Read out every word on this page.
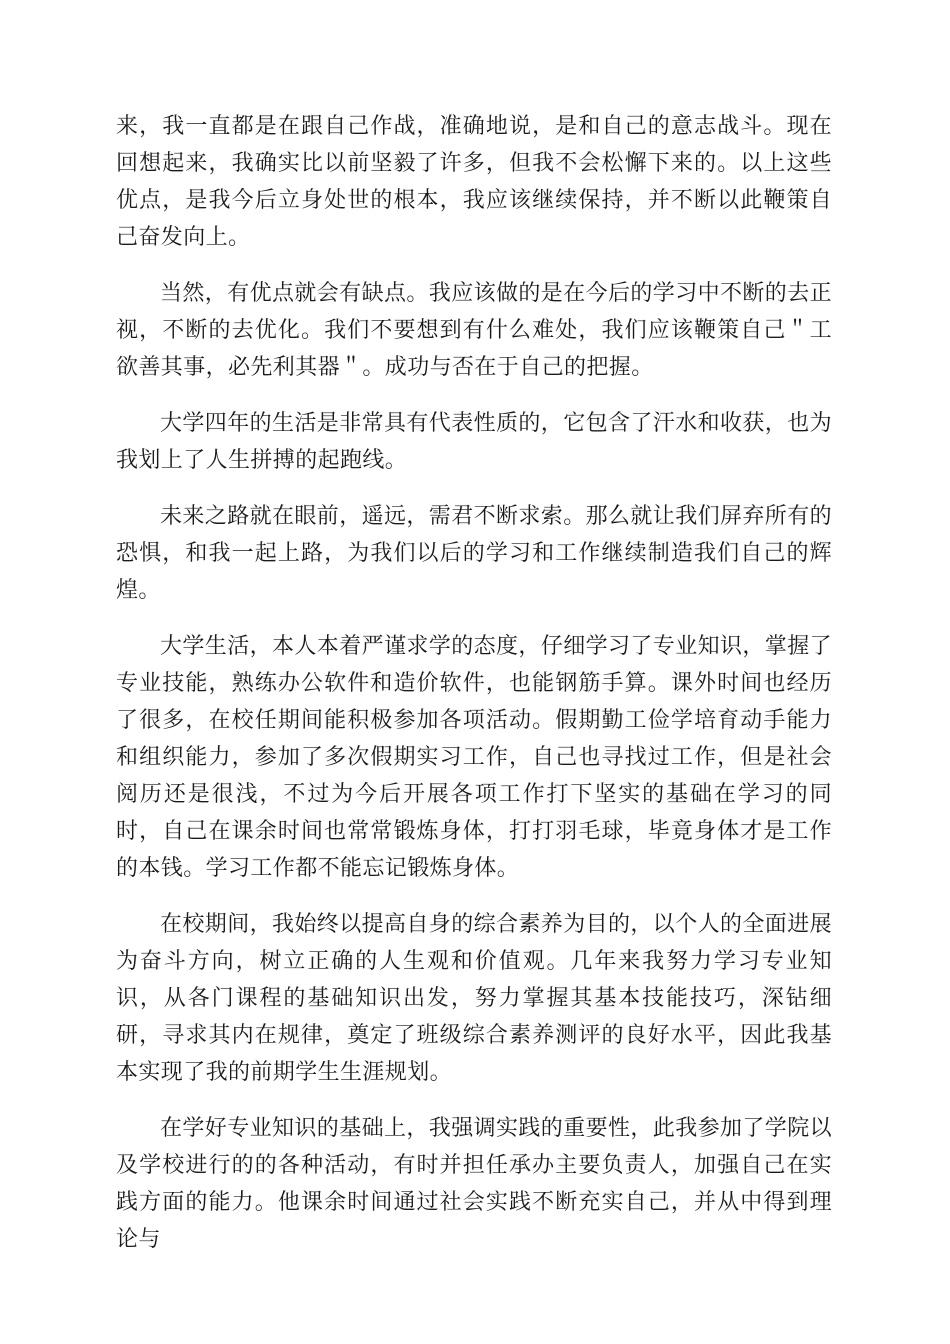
来，我一直都是在跟自己作战，准确地说，是和自己的意志战斗。现在回想起来，我确实比以前坚毅了许多，但我不会松懈下来的。以上这些优点，是我今后立身处世的根本，我应该继续保持，并不断以此鞭策自己奋发向上。

当然，有优点就会有缺点。我应该做的是在今后的学习中不断的去正视，不断的去优化。我们不要想到有什么难处，我们应该鞭策自己＂工欲善其事，必先利其器＂。成功与否在于自己的把握。

大学四年的生活是非常具有代表性质的，它包含了汗水和收获，也为我划上了人生拼搏的起跑线。

未来之路就在眼前，遥远，需君不断求索。那么就让我们屏弃所有的恐惧，和我一起上路，为我们以后的学习和工作继续制造我们自己的辉煌。

大学生活，本人本着严谨求学的态度，仔细学习了专业知识，掌握了专业技能，熟练办公软件和造价软件，也能钢筋手算。课外时间也经历了很多，在校任期间能积极参加各项活动。假期勤工俭学培育动手能力和组织能力，参加了多次假期实习工作，自己也寻找过工作，但是社会阅历还是很浅，不过为今后开展各项工作打下坚实的基础在学习的同时，自己在课余时间也常常锻炼身体，打打羽毛球，毕竟身体才是工作的本钱。学习工作都不能忘记锻炼身体。

在校期间，我始终以提高自身的综合素养为目的，以个人的全面进展为奋斗方向，树立正确的人生观和价值观。几年来我努力学习专业知识，从各门课程的基础知识出发，努力掌握其基本技能技巧，深钻细研，寻求其内在规律，奠定了班级综合素养测评的良好水平，因此我基本实现了我的前期学生生涯规划。

在学好专业知识的基础上，我强调实践的重要性，此我参加了学院以及学校进行的的各种活动，有时并担任承办主要负责人，加强自己在实践方面的能力。他课余时间通过社会实践不断充实自己，并从中得到理论与
